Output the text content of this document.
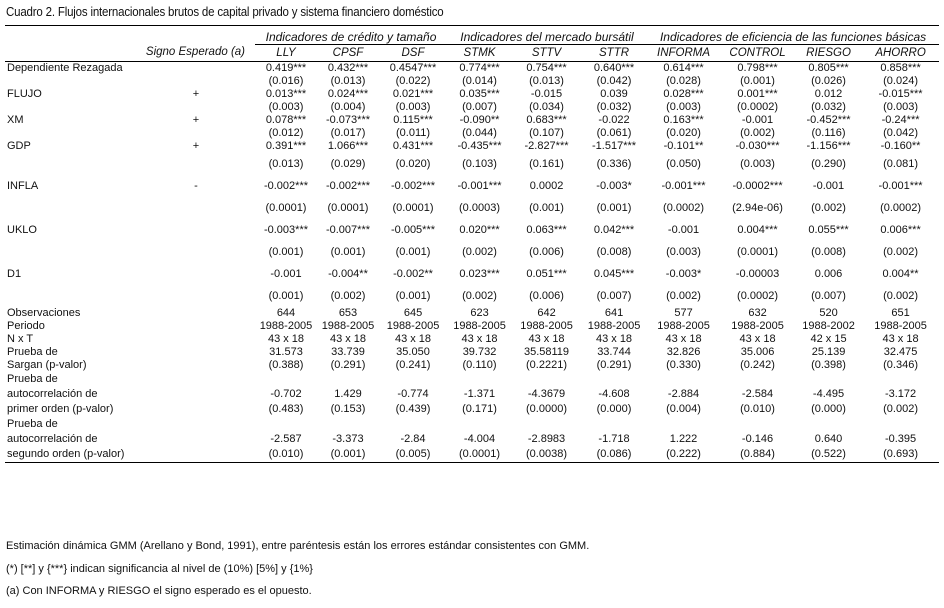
Cuadro 2. Flujos internacionales brutos de capital privado y sistema financiero doméstico
		Indicadores de crédito y tamaño			Indicadores del mercado bursátil			Indicadores de eficiencia de las funciones básicas			
	Signo Esperado (a)	LLY	CPSF	DSF	STMK	STTV	STTR	INFORMA	CONTROL	RIESGO	AHORRO
Dependiente Rezagada		0.419***	0.432***	0.4547***	0.774***	0.754***	0.640***	0.614***	0.798***	0.805***	0.858***
		(0.016)	(0.013)	(0.022)	(0.014)	(0.013)	(0.042)	(0.028)	(0.001)	(0.026)	(0.024)
FLUJO	+	0.013***	0.024***	0.021***	0.035***	-0.015	0.039	0.028***	0.001***	0.012	-0.015***
		(0.003)	(0.004)	(0.003)	(0.007)	(0.034)	(0.032)	(0.003)	(0.0002)	(0.032)	(0.003)
XM	+	0.078***	-0.073***	0.115***	-0.090**	0.683***	-0.022	0.163***	-0.001	-0.452***	-0.24***
		(0.012)	(0.017)	(0.011)	(0.044)	(0.107)	(0.061)	(0.020)	(0.002)	(0.116)	(0.042)
GDP	+	0.391***	1.066***	0.431***	-0.435***	-2.827***	-1.517***	-0.101**	-0.030***	-1.156***	-0.160**
		(0.013)	(0.029)	(0.020)	(0.103)	(0.161)	(0.336)	(0.050)	(0.003)	(0.290)	(0.081)
INFLA	-	-0.002***	-0.002***	-0.002***	-0.001***	0.0002	-0.003*	-0.001***	-0.0002***	-0.001	-0.001***
		(0.0001)	(0.0001)	(0.0001)	(0.0003)	(0.001)	(0.001)	(0.0002)	(2.94e-06)	(0.002)	(0.0002)
UKLO		-0.003***	-0.007***	-0.005***	0.020***	0.063***	0.042***	-0.001	0.004***	0.055***	0.006***
		(0.001)	(0.001)	(0.001)	(0.002)	(0.006)	(0.008)	(0.003)	(0.0001)	(0.008)	(0.002)
D1		-0.001	-0.004**	-0.002**	0.023***	0.051***	0.045***	-0.003*	-0.00003	0.006	0.004**
		(0.001)	(0.002)	(0.001)	(0.002)	(0.006)	(0.007)	(0.002)	(0.0002)	(0.007)	(0.002)
Observaciones		644	653	645	623	642	641	577	632	520	651
Periodo		1988-2005	1988-2005	1988-2005	1988-2005	1988-2005	1988-2005	1988-2005	1988-2005	1988-2002	1988-2005
N x T		43 x 18	43 x 18	43 x 18	43 x 18	43 x 18	43 x 18	43 x 18	43 x 18	42 x 15	43 x 18
Prueba de		31.573	33.739	35.050	39.732	35.58119	33.744	32.826	35.006	25.139	32.475
Sargan (p-valor)		(0.388)	(0.291)	(0.241)	(0.110)	(0.2221)	(0.291)	(0.330)	(0.242)	(0.398)	(0.346)
Prueba de											
autocorrelación de		-0.702	1.429	-0.774	-1.371	-4.3679	-4.608	-2.884	-2.584	-4.495	-3.172
primer orden (p-valor)		(0.483)	(0.153)	(0.439)	(0.171)	(0.0000)	(0.000)	(0.004)	(0.010)	(0.000)	(0.002)
Prueba de											
autocorrelación de		-2.587	-3.373	-2.84	-4.004	-2.8983	-1.718	1.222	-0.146	0.640	-0.395
segundo orden (p-valor)		(0.010)	(0.001)	(0.005)	(0.0001)	(0.0038)	(0.086)	(0.222)	(0.884)	(0.522)	(0.693)
Estimación dinámica GMM (Arellano y Bond, 1991), entre paréntesis están los errores estándar consistentes con GMM.
(*) [**] y {***} indican significancia al nivel de (10%) [5%] y {1%}
(a) Con INFORMA y RIESGO el signo esperado es el opuesto.
